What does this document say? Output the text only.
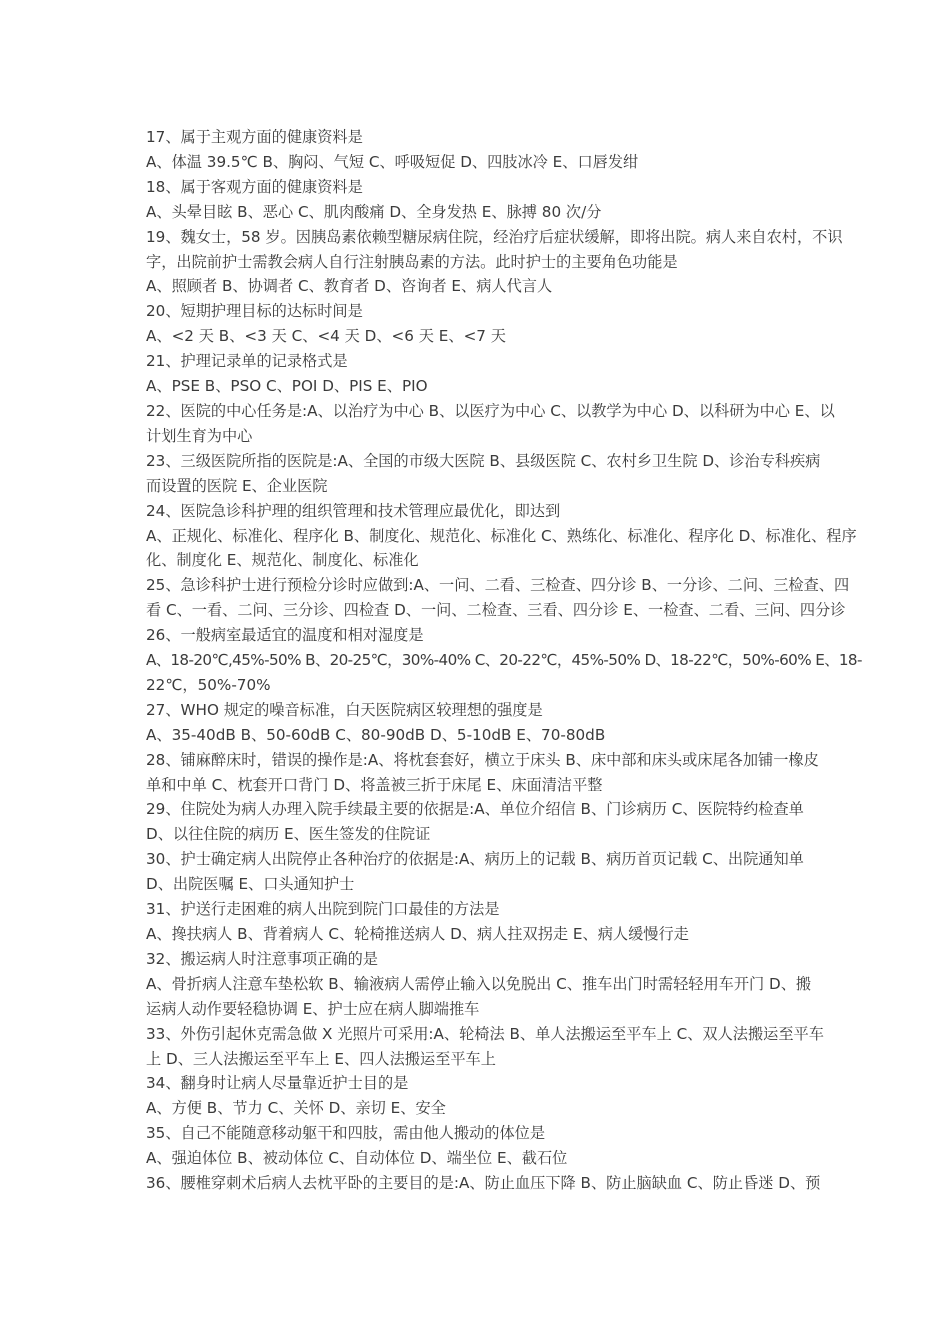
17、属于主观方面的健康资料是
A、体温 39.5℃ B、胸闷、气短 C、呼吸短促 D、四肢冰冷 E、口唇发绀
18、属于客观方面的健康资料是
A、头晕目眩 B、恶心 C、肌肉酸痛 D、全身发热 E、脉搏 80 次/分
19、魏女士，58 岁。因胰岛素依赖型糖尿病住院，经治疗后症状缓解，即将出院。病人来自农村，不识
字，出院前护士需教会病人自行注射胰岛素的方法。此时护士的主要角色功能是
A、照顾者 B、协调者 C、教育者 D、咨询者 E、病人代言人
20、短期护理目标的达标时间是
A、<2 天 B、<3 天 C、<4 天 D、<6 天 E、<7 天
21、护理记录单的记录格式是
A、PSE B、PSO C、POI D、PIS E、PIO
22、医院的中心任务是:A、以治疗为中心 B、以医疗为中心 C、以教学为中心 D、以科研为中心 E、以
计划生育为中心
23、三级医院所指的医院是:A、全国的市级大医院 B、县级医院 C、农村乡卫生院 D、诊治专科疾病
而设置的医院 E、企业医院
24、医院急诊科护理的组织管理和技术管理应最优化，即达到
A、正规化、标准化、程序化 B、制度化、规范化、标准化 C、熟练化、标准化、程序化 D、标准化、程序
化、制度化 E、规范化、制度化、标准化
25、急诊科护士进行预检分诊时应做到:A、一问、二看、三检查、四分诊 B、一分诊、二问、三检查、四
看 C、一看、二问、三分诊、四检查 D、一问、二检查、三看、四分诊 E、一检查、二看、三问、四分诊
26、一般病室最适宜的温度和相对湿度是
A、18-20℃,45%-50% B、20-25℃，30%-40% C、20-22℃，45%-50% D、18-22℃，50%-60% E、18-
22℃，50%-70%
27、WHO 规定的噪音标准，白天医院病区较理想的强度是
A、35-40dB B、50-60dB C、80-90dB D、5-10dB E、70-80dB
28、铺麻醉床时，错误的操作是:A、将枕套套好，横立于床头 B、床中部和床头或床尾各加铺一橡皮
单和中单 C、枕套开口背门 D、将盖被三折于床尾 E、床面清洁平整
29、住院处为病人办理入院手续最主要的依据是:A、单位介绍信 B、门诊病历 C、医院特约检查单
D、以往住院的病历 E、医生签发的住院证
30、护士确定病人出院停止各种治疗的依据是:A、病历上的记载 B、病历首页记载 C、出院通知单
D、出院医嘱 E、口头通知护士
31、护送行走困难的病人出院到院门口最佳的方法是
A、搀扶病人 B、背着病人 C、轮椅推送病人 D、病人拄双拐走 E、病人缓慢行走
32、搬运病人时注意事项正确的是
A、骨折病人注意车垫松软 B、输液病人需停止输入以免脱出 C、推车出门时需轻轻用车开门 D、搬
运病人动作要轻稳协调 E、护士应在病人脚端推车
33、外伤引起休克需急做 X 光照片可采用:A、轮椅法 B、单人法搬运至平车上 C、双人法搬运至平车
上 D、三人法搬运至平车上 E、四人法搬运至平车上
34、翻身时让病人尽量靠近护士目的是
A、方便 B、节力 C、关怀 D、亲切 E、安全
35、自己不能随意移动躯干和四肢，需由他人搬动的体位是
A、强迫体位 B、被动体位 C、自动体位 D、端坐位 E、截石位
36、腰椎穿刺术后病人去枕平卧的主要目的是:A、防止血压下降 B、防止脑缺血 C、防止昏迷 D、预
